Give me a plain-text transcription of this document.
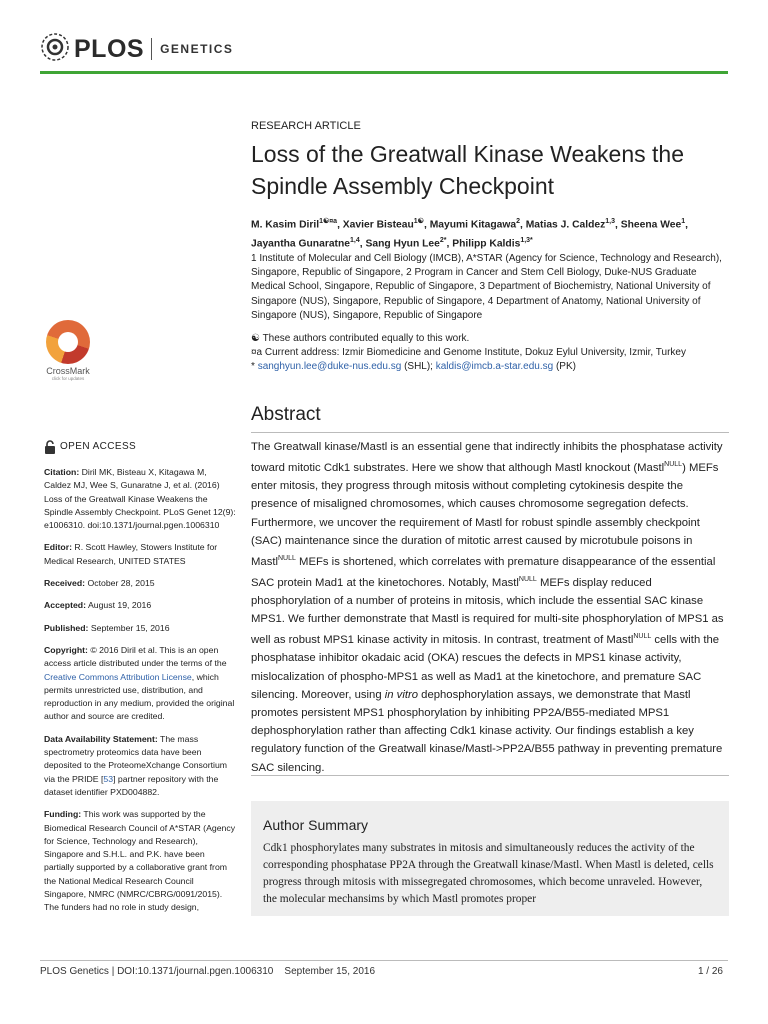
PLOS GENETICS
RESEARCH ARTICLE
Loss of the Greatwall Kinase Weakens the Spindle Assembly Checkpoint
M. Kasim Diril$^{1☯¤a}$, Xavier Bisteau$^{1☯}$, Mayumi Kitagawa$^2$, Matias J. Caldez$^{1,3}$, Sheena Wee$^1$, Jayantha Gunaratne$^{1,4}$, Sang Hyun Lee$^{2*}$, Philipp Kaldis$^{1,3*}$
1 Institute of Molecular and Cell Biology (IMCB), A*STAR (Agency for Science, Technology and Research), Singapore, Republic of Singapore, 2 Program in Cancer and Stem Cell Biology, Duke-NUS Graduate Medical School, Singapore, Republic of Singapore, 3 Department of Biochemistry, National University of Singapore (NUS), Singapore, Republic of Singapore, 4 Department of Anatomy, National University of Singapore (NUS), Singapore, Republic of Singapore
☯ These authors contributed equally to this work.
¤a Current address: Izmir Biomedicine and Genome Institute, Dokuz Eylul University, Izmir, Turkey
* sanghyun.lee@duke-nus.edu.sg (SHL); kaldis@imcb.a-star.edu.sg (PK)
CrossMark
click for updates
OPEN ACCESS

Citation: Diril MK, Bisteau X, Kitagawa M, Caldez MJ, Wee S, Gunaratne J, et al. (2016) Loss of the Greatwall Kinase Weakens the Spindle Assembly Checkpoint. PLoS Genet 12(9): e1006310. doi:10.1371/journal.pgen.1006310

Editor: R. Scott Hawley, Stowers Institute for Medical Research, UNITED STATES

Received: October 28, 2015

Accepted: August 19, 2016

Published: September 15, 2016

Copyright: © 2016 Diril et al. This is an open access article distributed under the terms of the Creative Commons Attribution License, which permits unrestricted use, distribution, and reproduction in any medium, provided the original author and source are credited.

Data Availability Statement: The mass spectrometry proteomics data have been deposited to the ProteomeXchange Consortium via the PRIDE [53] partner repository with the dataset identifier PXD004882.

Funding: This work was supported by the Biomedical Research Council of A*STAR (Agency for Science, Technology and Research), Singapore and S.H.L. and P.K. have been partially supported by a collaborative grant from the National Medical Research Council Singapore, NMRC (NMRC/CBRG/0091/2015). The funders had no role in study design,

Abstract
The Greatwall kinase/Mastl is an essential gene that indirectly inhibits the phosphatase activity toward mitotic Cdk1 substrates. Here we show that although Mastl knockout (Mastl$^{NULL}$) MEFs enter mitosis, they progress through mitosis without completing cytokinesis despite the presence of misaligned chromosomes, which causes chromosome segregation defects. Furthermore, we uncover the requirement of Mastl for robust spindle assembly checkpoint (SAC) maintenance since the duration of mitotic arrest caused by microtubule poisons in Mastl$^{NULL}$ MEFs is shortened, which correlates with premature disappearance of the essential SAC protein Mad1 at the kinetochores. Notably, Mastl$^{NULL}$ MEFs display reduced phosphorylation of a number of proteins in mitosis, which include the essential SAC kinase MPS1. We further demonstrate that Mastl is required for multi-site phosphorylation of MPS1 as well as robust MPS1 kinase activity in mitosis. In contrast, treatment of Mastl$^{NULL}$ cells with the phosphatase inhibitor okadaic acid (OKA) rescues the defects in MPS1 kinase activity, mislocalization of phospho-MPS1 as well as Mad1 at the kinetochore, and premature SAC silencing. Moreover, using in vitro dephosphorylation assays, we demonstrate that Mastl promotes persistent MPS1 phosphorylation by inhibiting PP2A/B55-mediated MPS1 dephosphorylation rather than affecting Cdk1 kinase activity. Our findings establish a key regulatory function of the Greatwall kinase/Mastl->PP2A/B55 pathway in preventing premature SAC silencing.
Author Summary
Cdk1 phosphorylates many substrates in mitosis and simultaneously reduces the activity of the corresponding phosphatase PP2A through the Greatwall kinase/Mastl. When Mastl is deleted, cells progress through mitosis with missegregated chromosomes, which become unraveled. However, the molecular mechansims by which Mastl promotes proper
PLOS Genetics | DOI:10.1371/journal.pgen.1006310    September 15, 2016	1 / 26
